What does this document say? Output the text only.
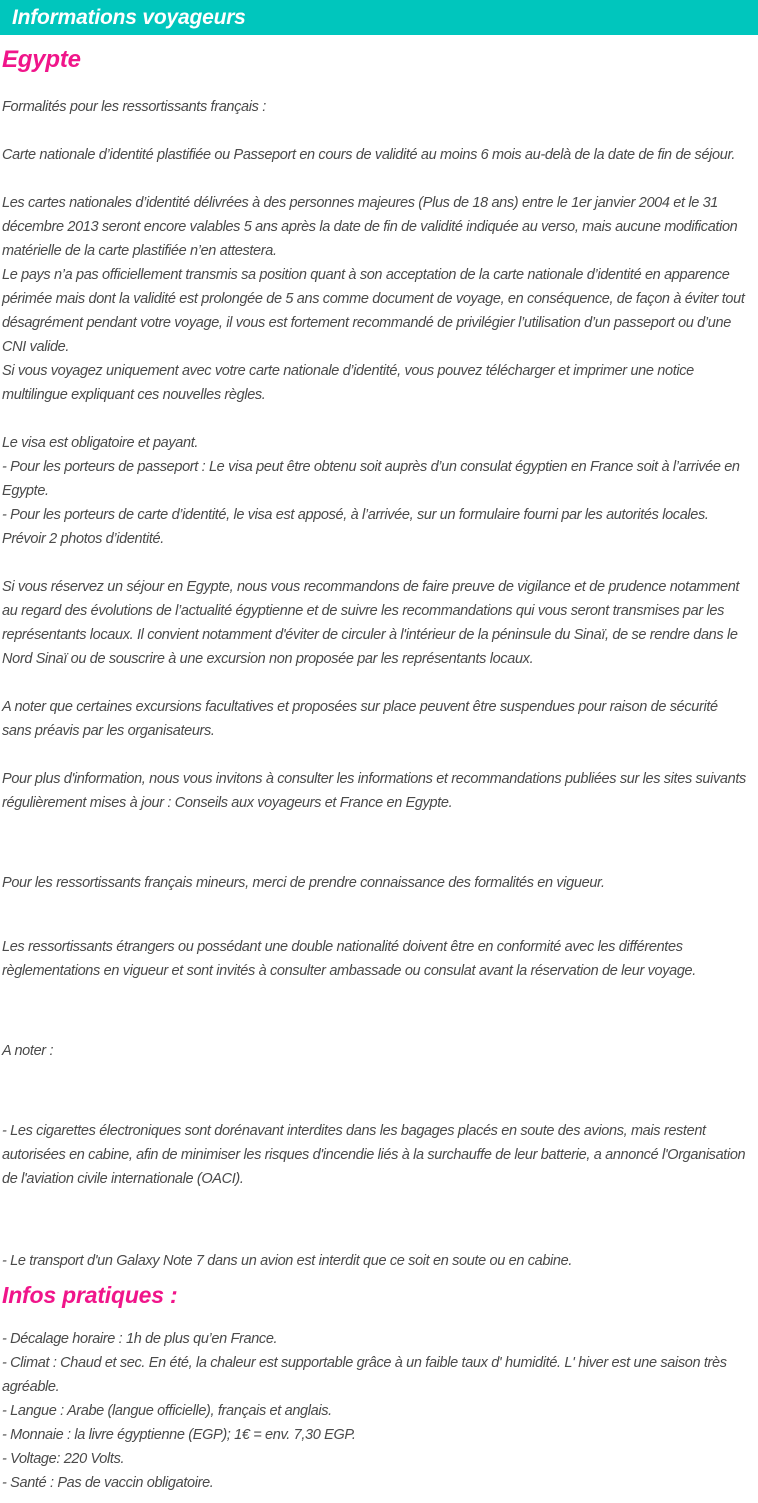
Informations voyageurs
Egypte

Formalités pour les ressortissants français :

Carte nationale d’identité plastifiée ou Passeport en cours de validité au moins 6 mois au-delà de la date de fin de séjour.

Les cartes nationales d’identité délivrées à des personnes majeures (Plus de 18 ans) entre le 1er janvier 2004 et le 31 décembre 2013 seront encore valables 5 ans après la date de fin de validité indiquée au verso, mais aucune modification matérielle de la carte plastifiée n’en attestera.

Le pays n’a pas officiellement transmis sa position quant à son acceptation de la carte nationale d’identité en apparence périmée mais dont la validité est prolongée de 5 ans comme document de voyage, en conséquence, de façon à éviter tout désagrément pendant votre voyage, il vous est fortement recommandé de privilégier l’utilisation d’un passeport ou d’une CNI valide.

Si vous voyagez uniquement avec votre carte nationale d’identité, vous pouvez télécharger et imprimer une notice multilingue expliquant ces nouvelles règles.

Le visa est obligatoire et payant.

- Pour les porteurs de passeport : Le visa peut être obtenu soit auprès d’un consulat égyptien en France soit à l’arrivée en Egypte.

- Pour les porteurs de carte d’identité, le visa est apposé, à l’arrivée, sur un formulaire fourni par les autorités locales. Prévoir 2 photos d’identité.

Si vous réservez un séjour en Egypte, nous vous recommandons de faire preuve de vigilance et de prudence notamment au regard des évolutions de l’actualité égyptienne et de suivre les recommandations qui vous seront transmises par les représentants locaux. Il convient notamment d'éviter de circuler à l'intérieur de la péninsule du Sinaï, de se rendre dans le Nord Sinaï ou de souscrire à une excursion non proposée par les représentants locaux.

A noter que certaines excursions facultatives et proposées sur place peuvent être suspendues pour raison de sécurité sans préavis par les organisateurs.

Pour plus d'information, nous vous invitons à consulter les informations et recommandations publiées sur les sites suivants régulièrement mises à jour : Conseils aux voyageurs et France en Egypte.

Pour les ressortissants français mineurs, merci de prendre connaissance des formalités en vigueur.

Les ressortissants étrangers ou possédant une double nationalité doivent être en conformité avec les différentes règlementations en vigueur et sont invités à consulter ambassade ou consulat avant la réservation de leur voyage.

A noter :

- Les cigarettes électroniques sont dorénavant interdites dans les bagages placés en soute des avions, mais restent autorisées en cabine, afin de minimiser les risques d'incendie liés à la surchauffe de leur batterie, a annoncé l'Organisation de l'aviation civile internationale (OACI).

- Le transport d'un Galaxy Note 7 dans un avion est interdit que ce soit en soute ou en cabine.

Infos pratiques :

- Décalage horaire : 1h de plus qu’en France.

- Climat : Chaud et sec. En été, la chaleur est supportable grâce à un faible taux d' humidité. L' hiver est une saison très agréable.

- Langue : Arabe (langue officielle), français et anglais.

- Monnaie : la livre égyptienne (EGP); 1€ = env. 7,30 EGP.

- Voltage: 220 Volts.

- Santé : Pas de vaccin obligatoire.
